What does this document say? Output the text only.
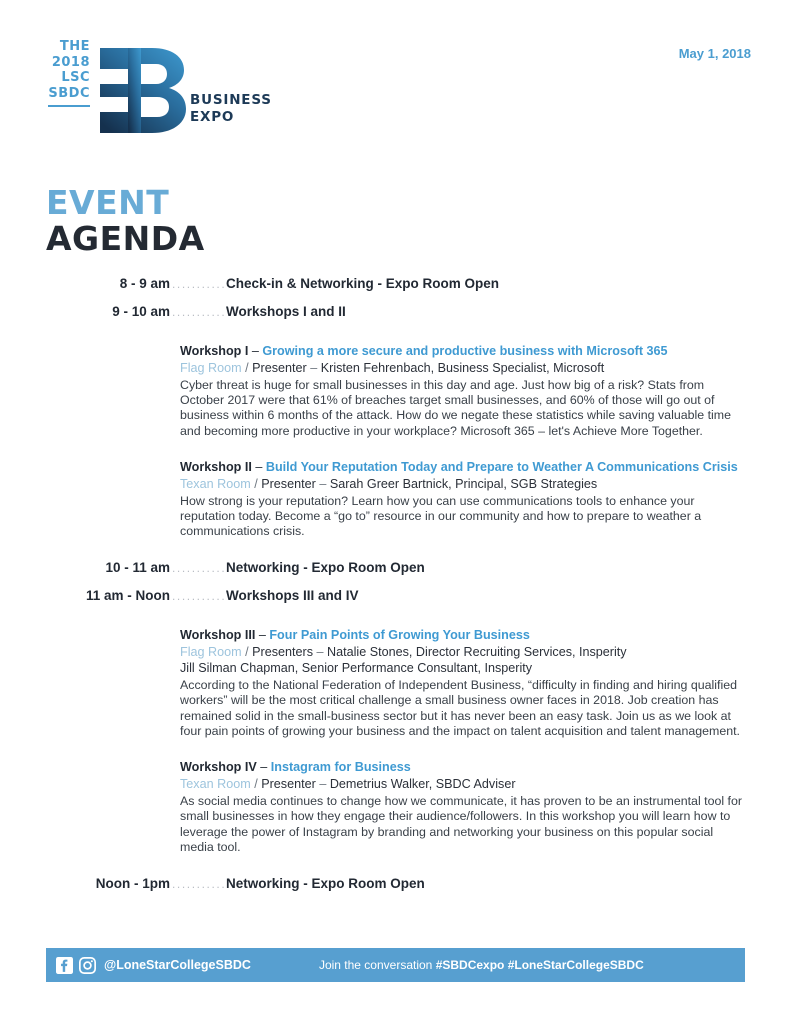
THE
2018
LSC
SBDC	BUSINESS
EXPO
May 1, 2018
EVENT
AGENDA
8 - 9 am ........... Check-in & Networking - Expo Room Open
9 - 10 am ........... Workshops I and II
Workshop I – Growing a more secure and productive business with Microsoft 365
Flag Room / Presenter – Kristen Fehrenbach, Business Specialist, Microsoft
Cyber threat is huge for small businesses in this day and age. Just how big of a risk? Stats from October 2017 were that 61% of breaches target small businesses, and 60% of those will go out of business within 6 months of the attack. How do we negate these statistics while saving valuable time and becoming more productive in your workplace? Microsoft 365 – let's Achieve More Together.
Workshop II – Build Your Reputation Today and Prepare to Weather A Communications Crisis
Texan Room / Presenter – Sarah Greer Bartnick, Principal, SGB Strategies
How strong is your reputation? Learn how you can use communications tools to enhance your reputation today. Become a “go to” resource in our community and how to prepare to weather a communications crisis.
10 - 11 am ........... Networking - Expo Room Open
11 am - Noon ........... Workshops III and IV
Workshop III – Four Pain Points of Growing Your Business
Flag Room / Presenters – Natalie Stones, Director Recruiting Services, Insperity
Jill Silman Chapman, Senior Performance Consultant, Insperity
According to the National Federation of Independent Business, “difficulty in finding and hiring qualified workers” will be the most critical challenge a small business owner faces in 2018. Job creation has remained solid in the small-business sector but it has never been an easy task. Join us as we look at four pain points of growing your business and the impact on talent acquisition and talent management.
Workshop IV – Instagram for Business
Texan Room / Presenter – Demetrius Walker, SBDC Adviser
As social media continues to change how we communicate, it has proven to be an instrumental tool for small businesses in how they engage their audience/followers. In this workshop you will learn how to leverage the power of Instagram by branding and networking your business on this popular social media tool.
Noon - 1pm ........... Networking - Expo Room Open
@LoneStarCollegeSBDC	Join the conversation #SBDCexpo #LoneStarCollegeSBDC
